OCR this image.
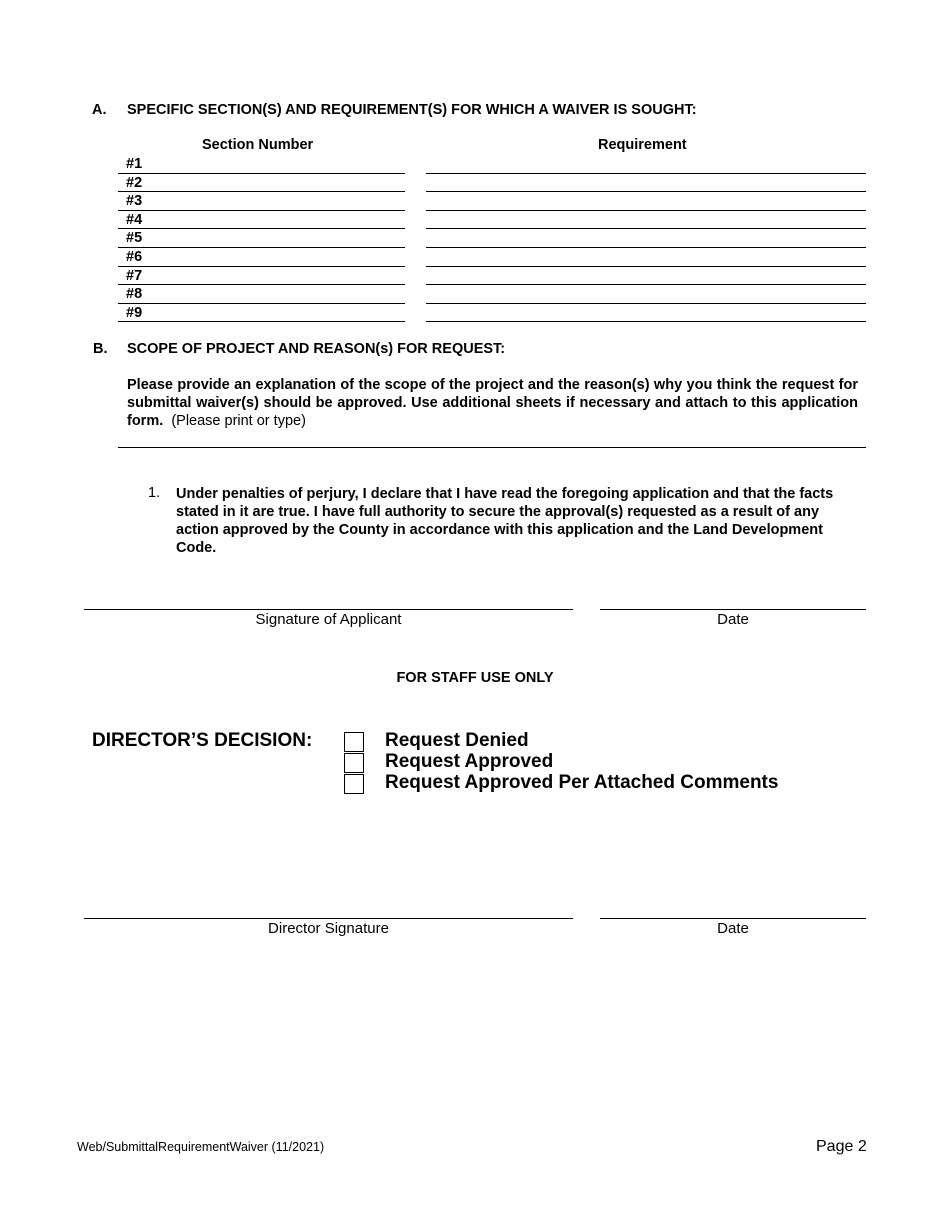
A. SPECIFIC SECTION(S) AND REQUIREMENT(S) FOR WHICH A WAIVER IS SOUGHT:
Section Number	Requirement
#1
#2
#3
#4
#5
#6
#7
#8
#9
B. SCOPE OF PROJECT AND REASON(s) FOR REQUEST:
Please provide an explanation of the scope of the project and the reason(s) why you think the request for submittal waiver(s) should be approved. Use additional sheets if necessary and attach to this application form. (Please print or type)
1. Under penalties of perjury, I declare that I have read the foregoing application and that the facts stated in it are true. I have full authority to secure the approval(s) requested as a result of any action approved by the County in accordance with this application and the Land Development Code.
Signature of Applicant	Date
FOR STAFF USE ONLY
DIRECTOR’S DECISION:	Request Denied
Request Approved
Request Approved Per Attached Comments
Director Signature	Date
Web/SubmittalRequirementWaiver (11/2021)	Page 2
